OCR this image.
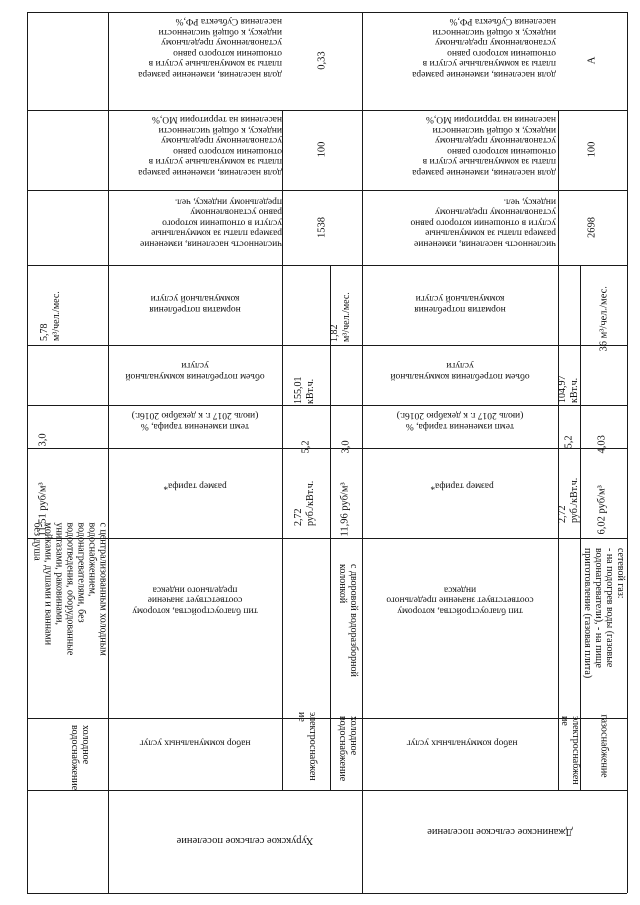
Хурукское сельское поселение
Джанинское сельское поселение
набор коммунальных услуг
тип благоустройства, которому
соответствует значение
предельного индекса
размер тарифа*
темп изменения тарифа, %
(июль 2017 г. к декабрю 2016г.)
объем потребления коммунальной
услуги
норматив потребления
коммунальной услуги
численность населения, изменение
размера платы за коммунальные
услуги в отношении которого
равно установленному
предельному индексу, чел.
доля населения, изменение размера
платы за коммунальные услуги в
отношении которого равно
установленному предельному
индексу, к общей численности
населения на территории МО,%
доля населения, изменение размера
платы за коммунальные услуги в
отношении которого равно
установленному предельному
индексу, к общей численности
населения Субъекта РФ,%
набор коммунальных услуг
тип благоустройства, которому
соответствует значение предельного
индекса
размер тарифа*
темп изменения тарифа, %
(июль 2017 г. к декабрю 2016г.)
объем потребления коммунальной
услуги
норматив потребления
коммунальной услуги
численность населения, изменение
размера платы за коммунальные
услуги в отношении которого равно
установленному предельному
индексу, чел.
доля населения, изменение размера
платы за коммунальные услуги в
отношении которого равно
установленному предельному
индексу, к общей численности
населения на территории МО,%
доля населения, изменение размера
платы за коммунальные услуги в
отношении которого равно
установленному предельному
индексу, к общей численности
населения Субъекта РФ,%
холодное
водоснабжение
с централизованным холодным
водоснабжением,
водонагревателями, без
водоотведения, оборудованные
унитазами, раковинами,
мойками, душами и ваннами
без душа
11,51 руб/м³
3,0
5,78 м³/чел./мес.
электроснабжен
ие
2,72 руб./кВт.ч.
5,2
155,01 кВт.ч.
холодное
водоснабжение
с дворовой водоразборной
колонкой
11,96 руб/м³
3,0
1,82 м³/чел./мес.
1538
100
0,33
электроснабжен
ие
2,72 руб./кВт.ч.
5,2
104,97 кВт.ч.
газоснабжение
сетевой газ:
- на подогрев воды (газовые
водонагреватели), - на пище
приготовление (газовая плита)
6,02 руб/м³
4,03
36 м³/чел./мес.
2698
100
А
